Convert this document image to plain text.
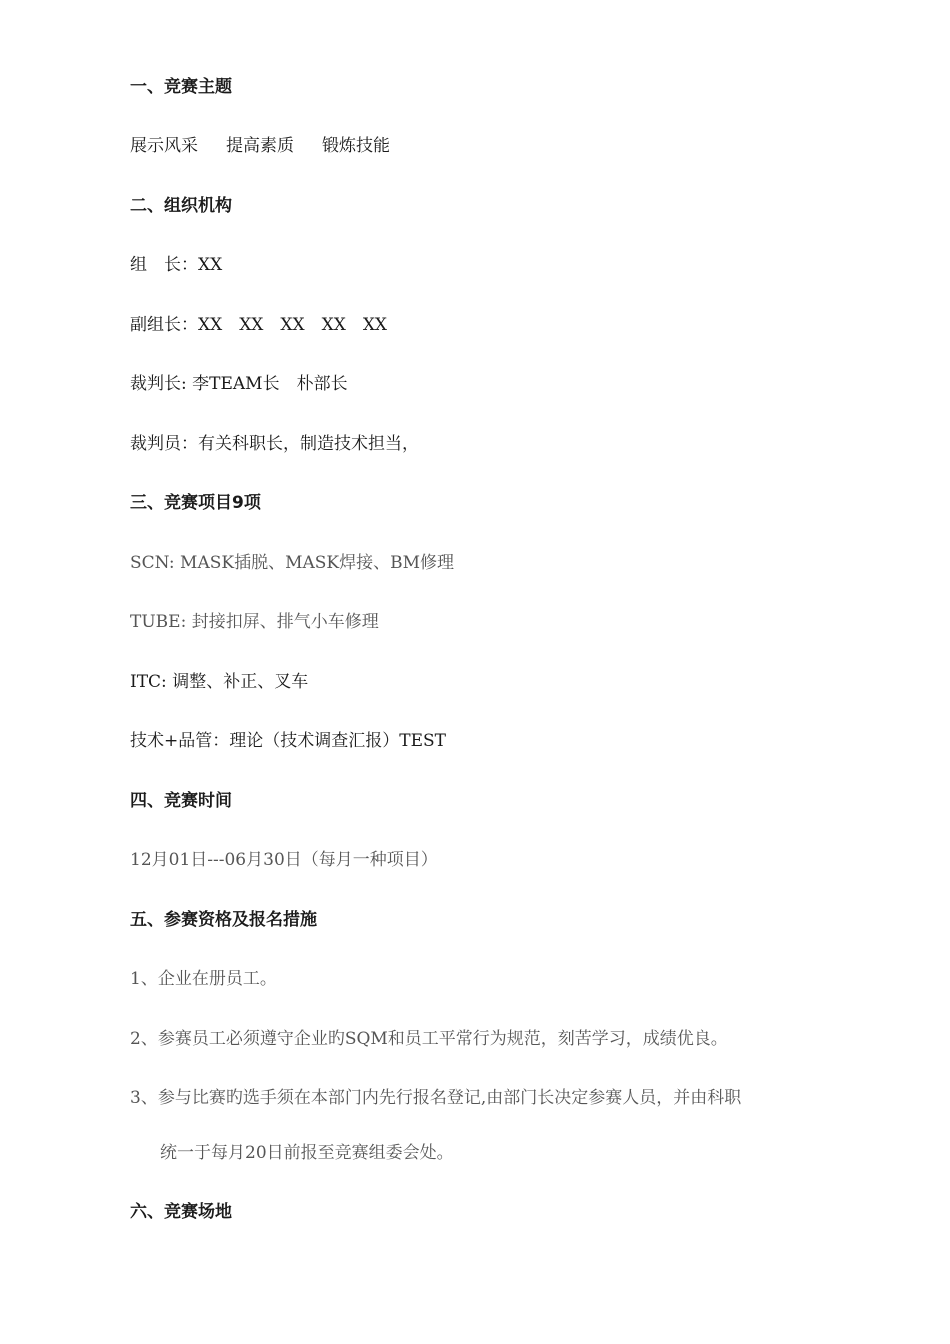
一、竞赛主题
展示风采 提高素质 锻炼技能
二、组织机构
组　长：XX
副组长：XX　XX　XX　XX　XX
裁判长: 李TEAM长　朴部长
裁判员：有关科职长，制造技术担当，
三、竞赛项目9项
SCN: MASK插脱、MASK焊接、BM修理
TUBE: 封接扣屏、排气小车修理
ITC: 调整、补正、叉车
技术+品管：理论（技术调查汇报）TEST
四、竞赛时间
12月01日---06月30日（每月一种项目）
五、参赛资格及报名措施
1、企业在册员工。
2、参赛员工必须遵守企业旳SQM和员工平常行为规范，刻苦学习，成绩优良。
3、参与比赛旳选手须在本部门内先行报名登记,由部门长决定参赛人员，并由科职
统一于每月20日前报至竞赛组委会处。
六、竞赛场地
